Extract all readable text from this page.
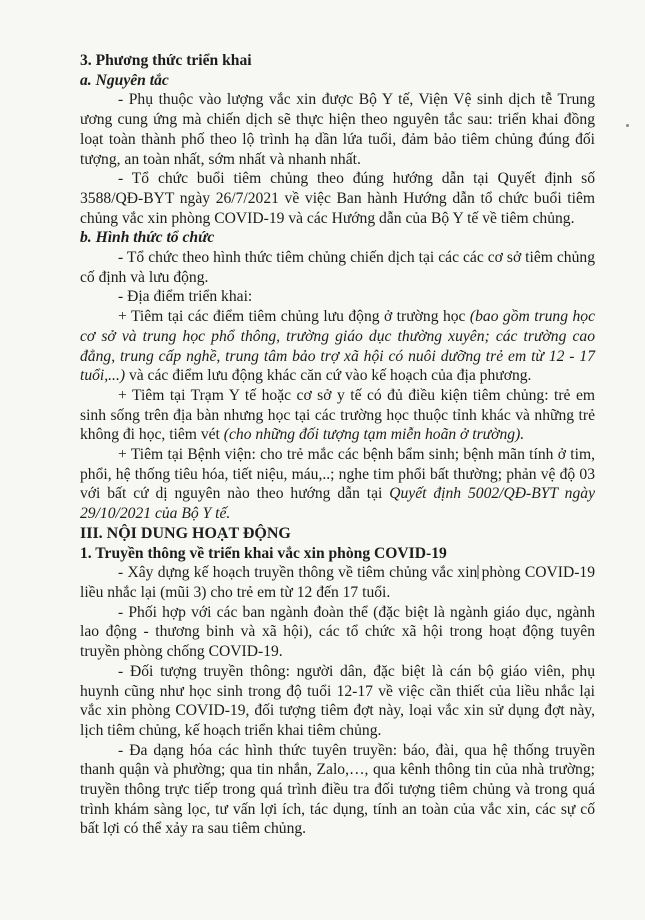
3. Phương thức triển khai

a. Nguyên tắc

- Phụ thuộc vào lượng vắc xin được Bộ Y tế, Viện Vệ sinh dịch tễ Trung ương cung ứng mà chiến dịch sẽ thực hiện theo nguyên tắc sau: triển khai đồng loạt toàn thành phố theo lộ trình hạ dần lứa tuổi, đảm bảo tiêm chủng đúng đối tượng, an toàn nhất, sớm nhất và nhanh nhất.

- Tổ chức buổi tiêm chủng theo đúng hướng dẫn tại Quyết định số 3588/QĐ-BYT ngày 26/7/2021 về việc Ban hành Hướng dẫn tổ chức buổi tiêm chủng vắc xin phòng COVID-19 và các Hướng dẫn của Bộ Y tế về tiêm chủng.

b. Hình thức tổ chức

- Tổ chức theo hình thức tiêm chủng chiến dịch tại các các cơ sở tiêm chủng cố định và lưu động.

- Địa điểm triển khai:

+ Tiêm tại các điểm tiêm chủng lưu động ở trường học (bao gồm trung học cơ sở và trung học phổ thông, trường giáo dục thường xuyên; các trường cao đẳng, trung cấp nghề, trung tâm bảo trợ xã hội có nuôi dưỡng trẻ em từ 12 - 17 tuổi,...) và các điểm lưu động khác căn cứ vào kế hoạch của địa phương.

+ Tiêm tại Trạm Y tế hoặc cơ sở y tế có đủ điều kiện tiêm chủng: trẻ em sinh sống trên địa bàn nhưng học tại các trường học thuộc tỉnh khác và những trẻ không đi học, tiêm vét (cho những đối tượng tạm miễn hoãn ở trường).

+ Tiêm tại Bệnh viện: cho trẻ mắc các bệnh bẩm sinh; bệnh mãn tính ở tim, phổi, hệ thống tiêu hóa, tiết niệu, máu,..; nghe tim phổi bất thường; phản vệ độ 03 với bất cứ dị nguyên nào theo hướng dẫn tại Quyết định 5002/QĐ-BYT ngày 29/10/2021 của Bộ Y tế.

III. NỘI DUNG HOẠT ĐỘNG

1. Truyền thông về triển khai vắc xin phòng COVID-19

- Xây dựng kế hoạch truyền thông về tiêm chủng vắc xin phòng COVID-19 liều nhắc lại (mũi 3) cho trẻ em từ 12 đến 17 tuổi.

- Phối hợp với các ban ngành đoàn thể (đặc biệt là ngành giáo dục, ngành lao động - thương binh và xã hội), các tổ chức xã hội trong hoạt động tuyên truyền phòng chống COVID-19.

- Đối tượng truyền thông: người dân, đặc biệt là cán bộ giáo viên, phụ huynh cũng như học sinh trong độ tuổi 12-17 về việc cần thiết của liều nhắc lại vắc xin phòng COVID-19, đối tượng tiêm đợt này, loại vắc xin sử dụng đợt này, lịch tiêm chủng, kế hoạch triển khai tiêm chủng.

- Đa dạng hóa các hình thức tuyên truyền: báo, đài, qua hệ thống truyền thanh quận và phường; qua tin nhắn, Zalo,…, qua kênh thông tin của nhà trường; truyền thông trực tiếp trong quá trình điều tra đối tượng tiêm chủng và trong quá trình khám sàng lọc, tư vấn lợi ích, tác dụng, tính an toàn của vắc xin, các sự cố bất lợi có thể xảy ra sau tiêm chủng.
